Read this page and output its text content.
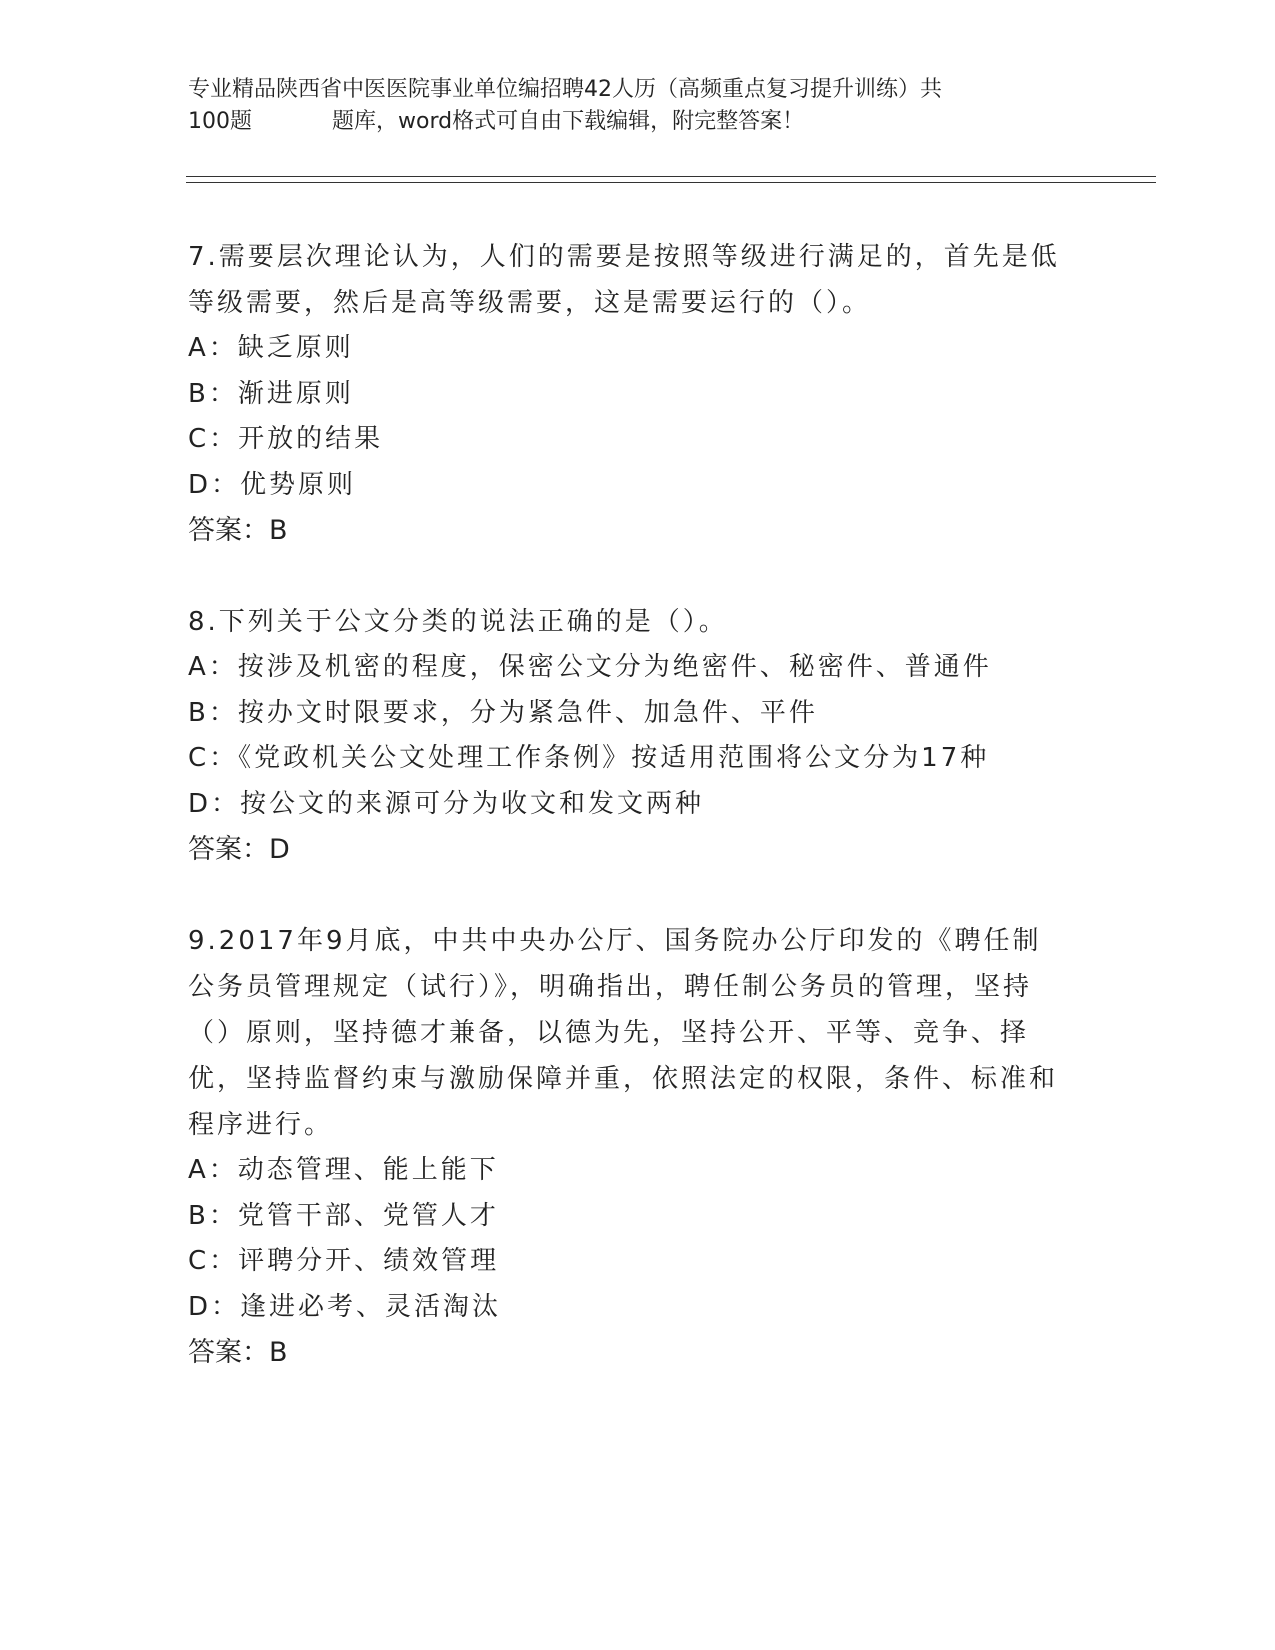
专业精品陕西省中医医院事业单位编招聘42人历（高频重点复习提升训练）共
100题	题库，word格式可自由下载编辑，附完整答案！
7.需要层次理论认为，人们的需要是按照等级进行满足的，首先是低等级需要，然后是高等级需要，这是需要运行的（）。
A：缺乏原则
B：渐进原则
C：开放的结果
D：优势原则
答案：B
8.下列关于公文分类的说法正确的是（）。
A：按涉及机密的程度，保密公文分为绝密件、秘密件、普通件
B：按办文时限要求，分为紧急件、加急件、平件
C：《党政机关公文处理工作条例》按适用范围将公文分为17种
D：按公文的来源可分为收文和发文两种
答案：D
9.2017年9月底，中共中央办公厅、国务院办公厅印发的《聘任制公务员管理规定（试行）》，明确指出，聘任制公务员的管理，坚持（）原则，坚持德才兼备，以德为先，坚持公开、平等、竞争、择优，坚持监督约束与激励保障并重，依照法定的权限，条件、标准和程序进行。
A：动态管理、能上能下
B：党管干部、党管人才
C：评聘分开、绩效管理
D：逢进必考、灵活淘汰
答案：B
